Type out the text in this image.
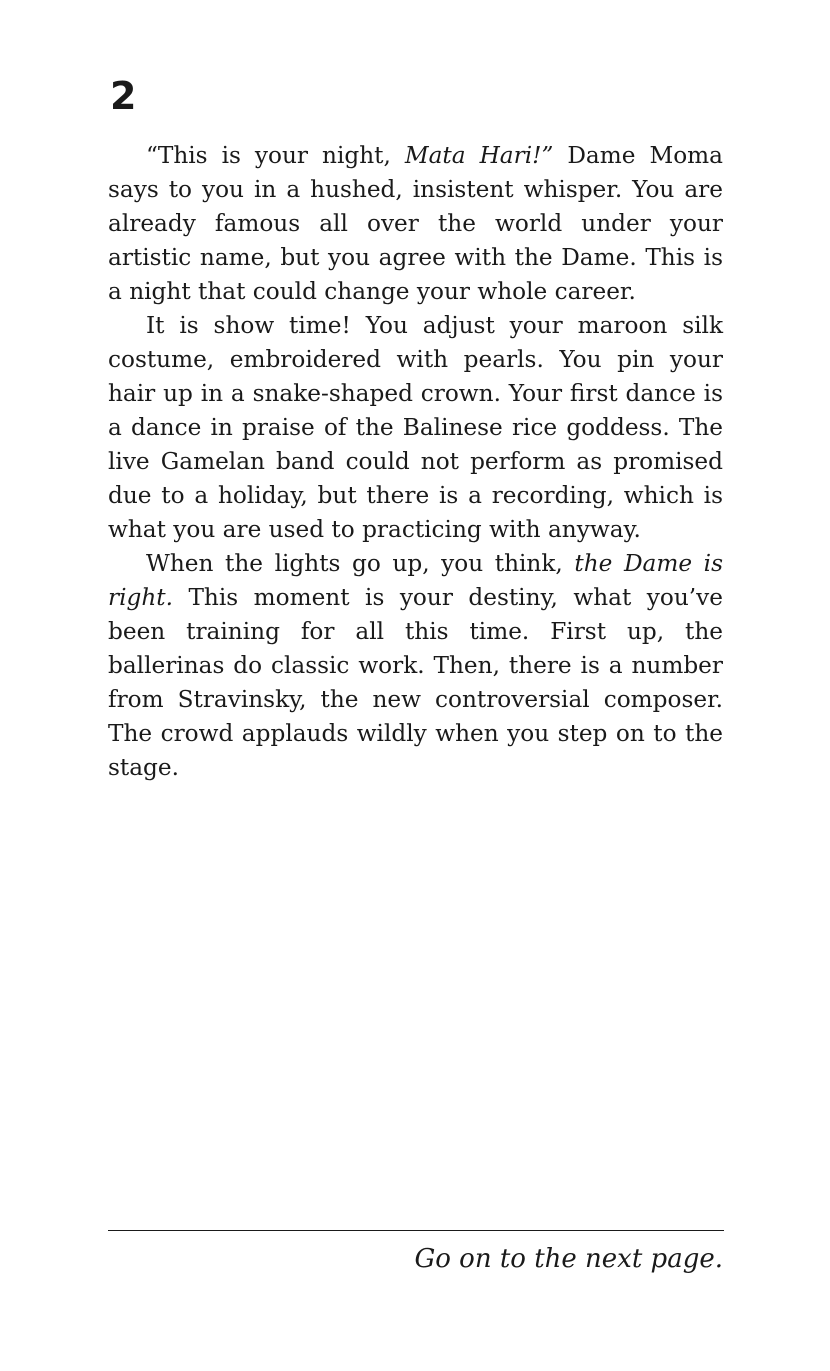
2

“This is your night, Mata Hari!” Dame Moma says to you in a hushed, insistent whisper. You are already famous all over the world under your artistic name, but you agree with the Dame. This is a night that could change your whole career.

It is show time! You adjust your maroon silk costume, embroidered with pearls. You pin your hair up in a snake-shaped crown. Your first dance is a dance in praise of the Balinese rice goddess. The live Gamelan band could not perform as promised due to a holiday, but there is a recording, which is what you are used to practicing with anyway.

When the lights go up, you think, the Dame is right. This moment is your destiny, what you’ve been training for all this time. First up, the ballerinas do classic work. Then, there is a number from Stravinsky, the new controversial composer. The crowd applauds wildly when you step on to the stage.

Go on to the next page.
